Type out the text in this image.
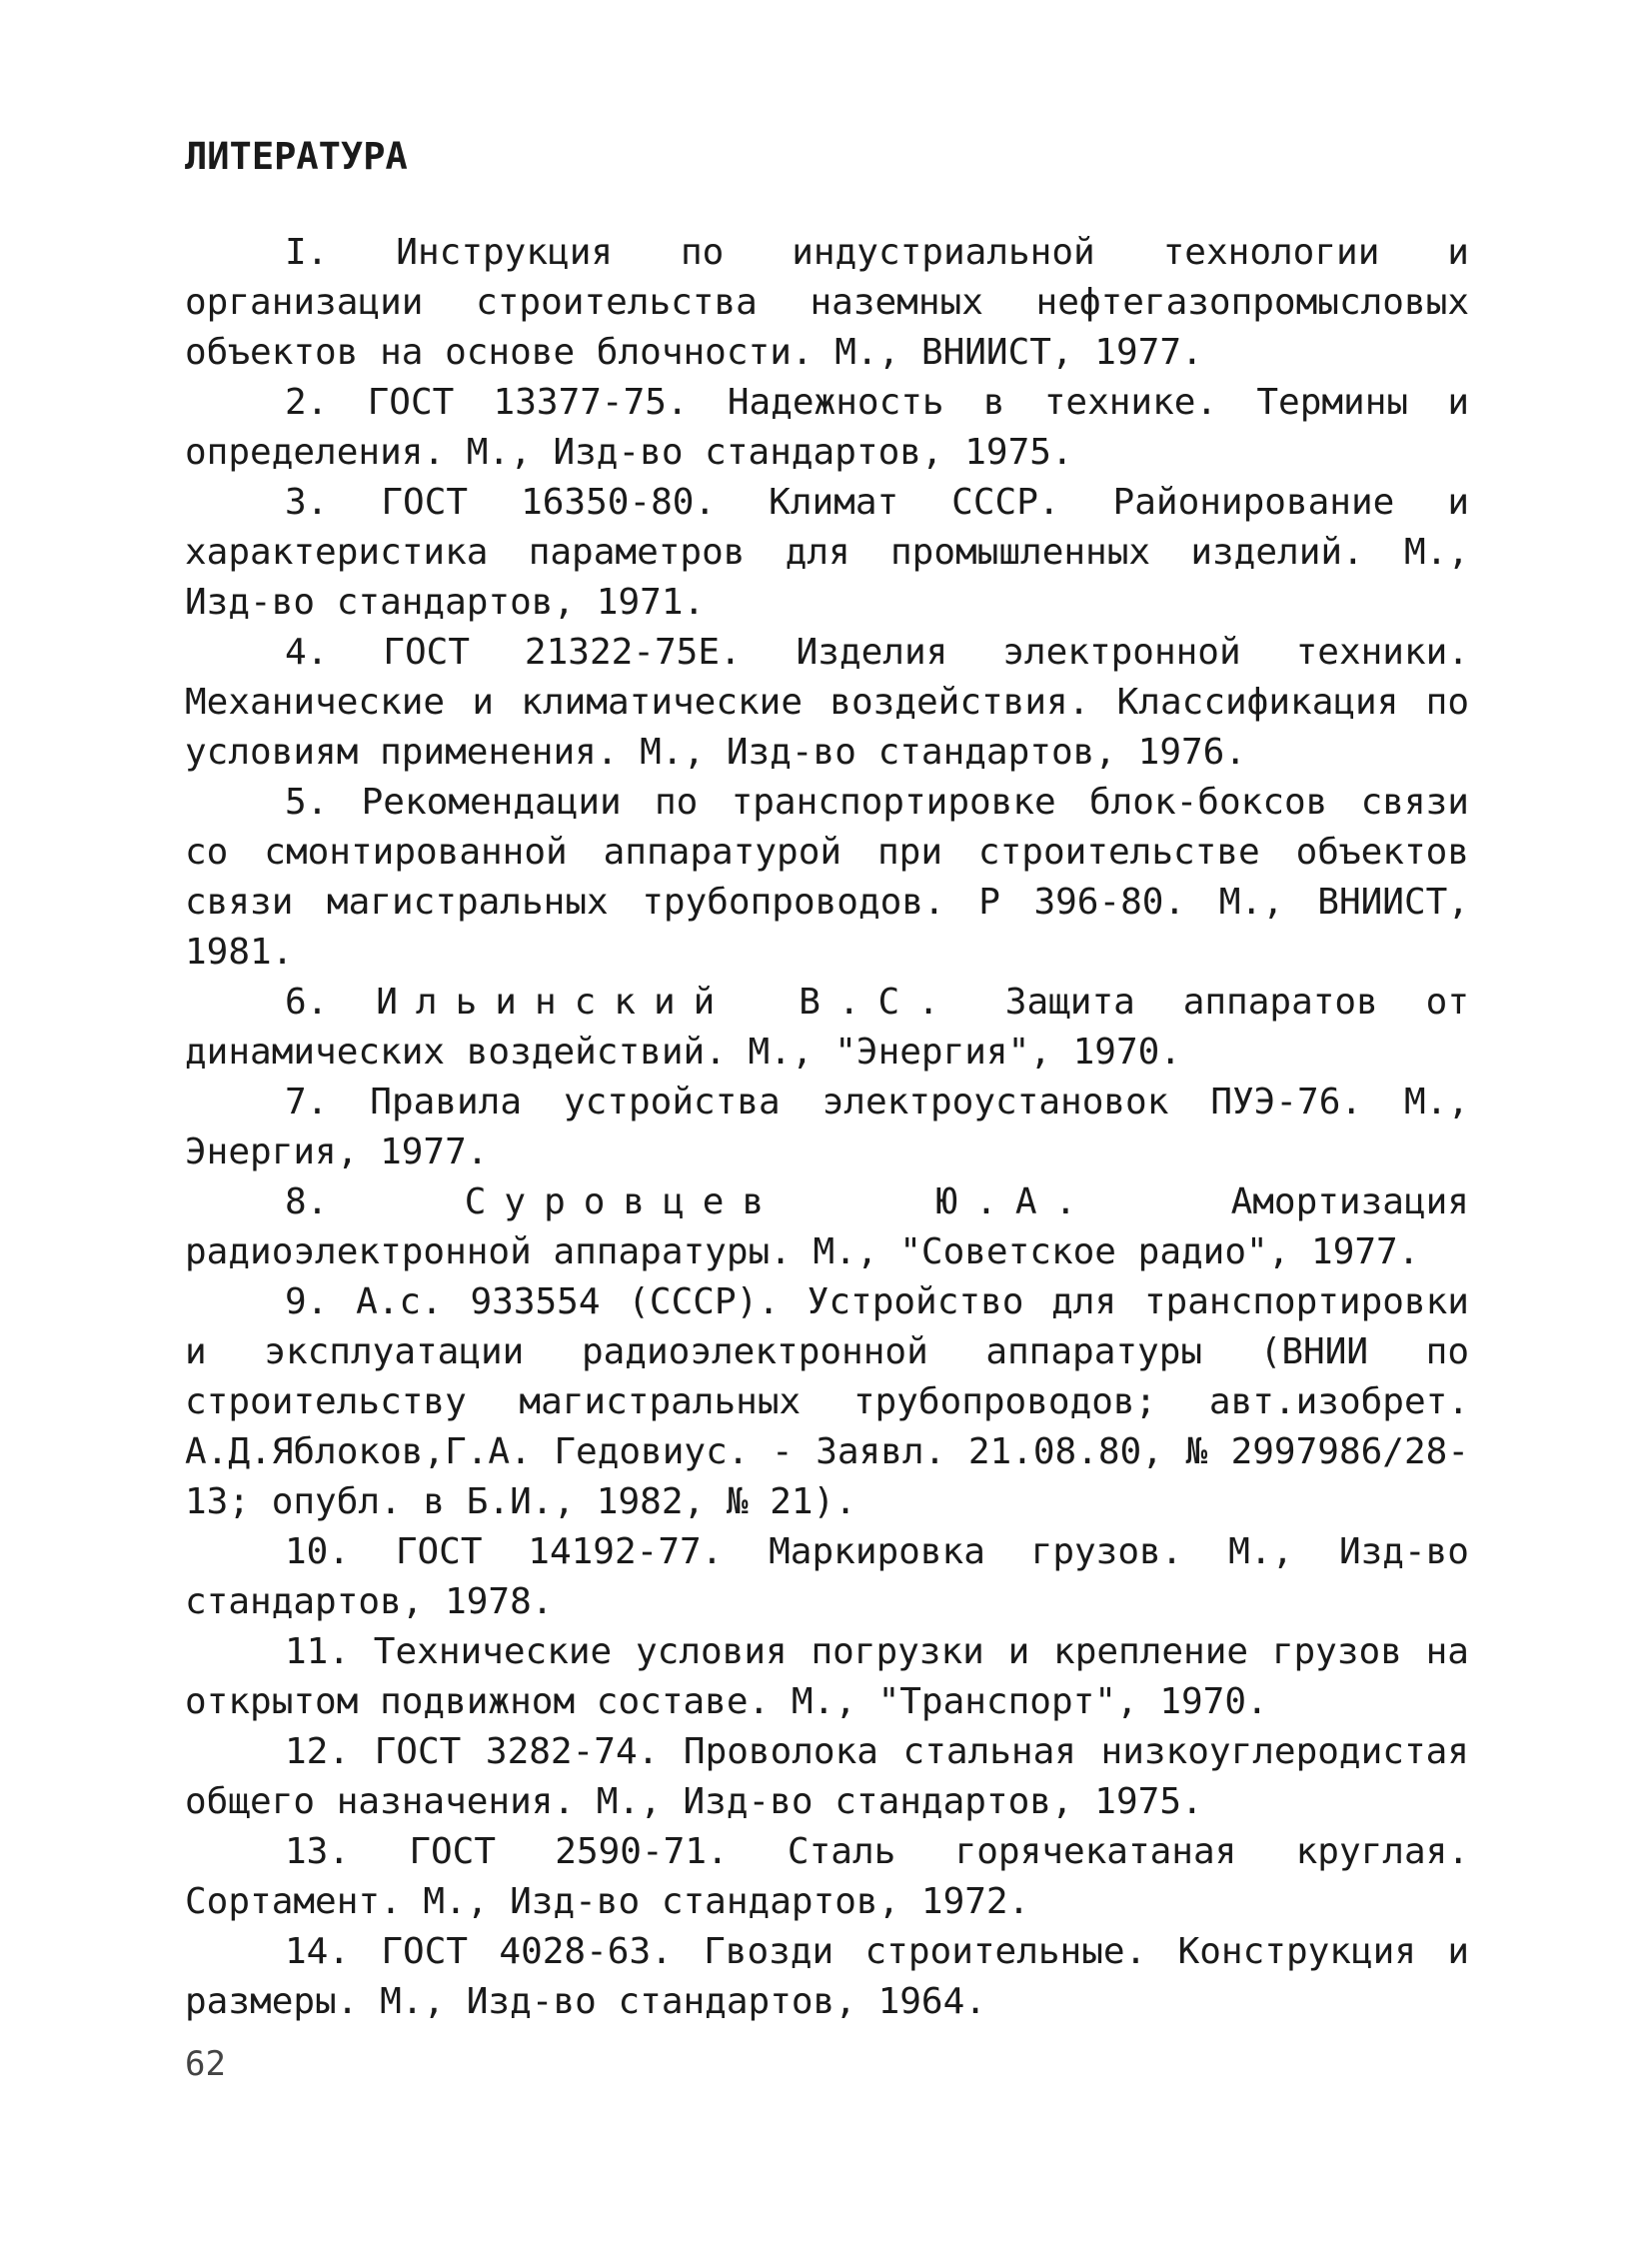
ЛИТЕРАТУРА

I. Инструкция по индустриальной технологии и организации строительства наземных нефтегазопромысловых объектов на основе блочности. М., ВНИИСТ, 1977.

2. ГОСТ 13377-75. Надежность в технике. Термины и определения. М., Изд-во стандартов, 1975.

3. ГОСТ 16350-80. Климат СССР. Районирование и характеристика параметров для промышленных изделий. М., Изд-во стандартов, 1971.

4. ГОСТ 21322-75Е. Изделия электронной техники. Механические и климатические воздействия. Классификация по условиям применения. М., Изд-во стандартов, 1976.

5. Рекомендации по транспортировке блок-боксов связи со смонтированной аппаратурой при строительстве объектов связи магистральных трубопроводов. Р 396-80. М., ВНИИСТ, 1981.

6. Ильинский В.С. Защита аппаратов от динамических воздействий. М., "Энергия", 1970.

7. Правила устройства электроустановок ПУЭ-76. М., Энергия, 1977.

8.	Суровцев Ю.А.	Амортизация радиоэлектронной аппаратуры. М., "Советское радио", 1977.

9. А.с. 933554 (СССР). Устройство для транспортировки и эксплуатации радиоэлектронной аппаратуры (ВНИИ по строительству магистральных трубопроводов; авт.изобрет. А.Д.Яблоков,Г.А. Гедовиус. - Заявл. 21.08.80, № 2997986/28-13; опубл. в Б.И., 1982, № 21).

10. ГОСТ 14192-77. Маркировка грузов. М., Изд-во стандартов, 1978.

11. Технические условия погрузки и крепление грузов на открытом подвижном составе. М., "Транспорт", 1970.

12. ГОСТ 3282-74. Проволока стальная низкоуглеродистая общего назначения. М., Изд-во стандартов, 1975.

13. ГОСТ 2590-71. Сталь горячекатаная круглая. Сортамент. М., Изд-во стандартов, 1972.

14. ГОСТ 4028-63. Гвозди строительные. Конструкция и размеры. М., Изд-во стандартов, 1964.

62
